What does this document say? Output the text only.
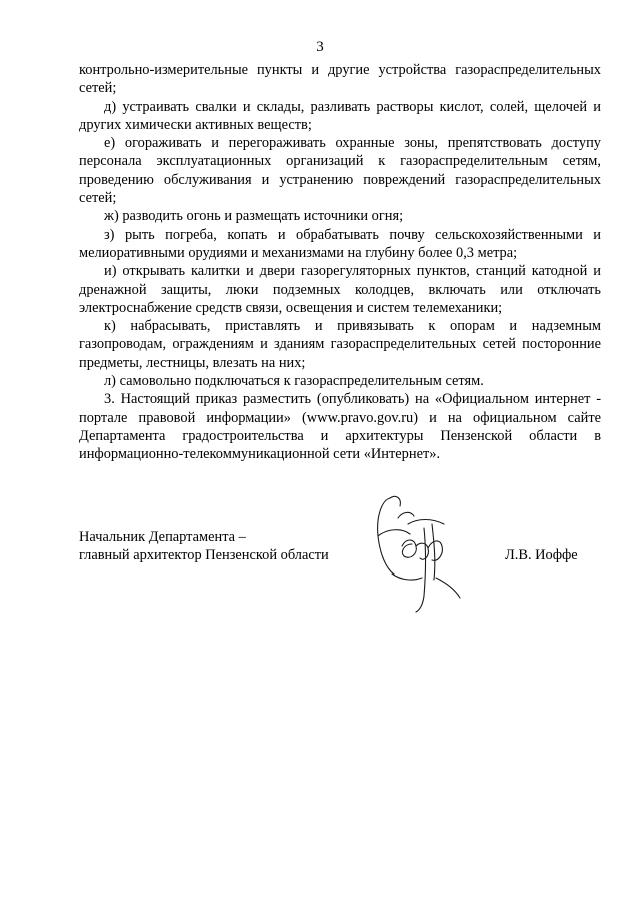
3

контрольно-измерительные пункты и другие устройства газораспределительных сетей;

д) устраивать свалки и склады, разливать растворы кислот, солей, щелочей и других химически активных веществ;

е) огораживать и перегораживать охранные зоны, препятствовать доступу персонала эксплуатационных организаций к газораспределительным сетям, проведению обслуживания и устранению повреждений газораспределительных сетей;

ж) разводить огонь и размещать источники огня;

з) рыть погреба, копать и обрабатывать почву сельскохозяйственными и мелиоративными орудиями и механизмами на глубину более 0,3 метра;

и) открывать калитки и двери газорегуляторных пунктов, станций катодной и дренажной защиты, люки подземных колодцев, включать или отключать электроснабжение средств связи, освещения и систем телемеханики;

к) набрасывать, приставлять и привязывать к опорам и надземным газопроводам, ограждениям и зданиям газораспределительных сетей посторонние предметы, лестницы, влезать на них;

л) самовольно подключаться к газораспределительным сетям.

3. Настоящий приказ разместить (опубликовать) на «Официальном интернет - портале правовой информации» (www.pravo.gov.ru) и на официальном сайте Департамента градостроительства и архитектуры Пензенской области в информационно-телекоммуникационной сети «Интернет».

Начальник Департамента –

главный архитектор Пензенской области	Л.В. Иоффе
